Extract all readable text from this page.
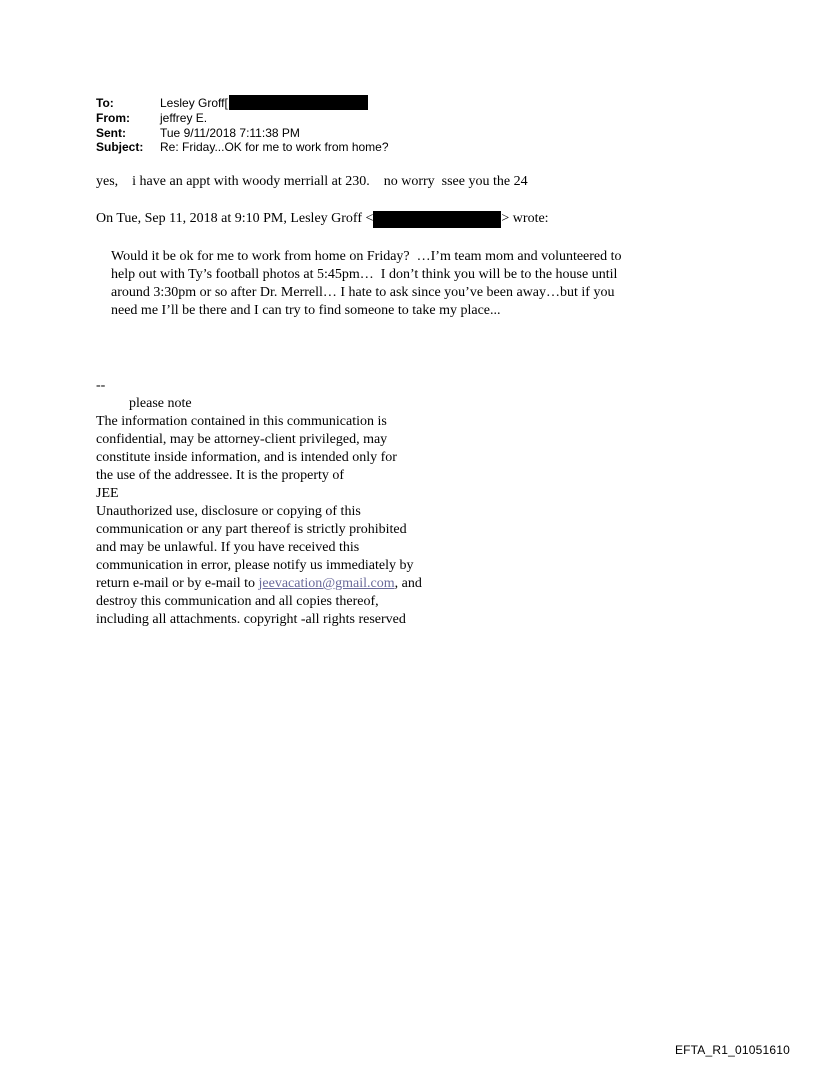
To:	Lesley Groff[
From:	jeffrey E.
Sent:	Tue 9/11/2018 7:11:38 PM
Subject:	Re: Friday...OK for me to work from home?
yes,    i have an appt with woody merriall at 230.    no worry  ssee you the 24
On Tue, Sep 11, 2018 at 9:10 PM, Lesley Groff <	> wrote:

Would it be ok for me to work from home on Friday?  …I’m team mom and volunteered to

help out with Ty’s football photos at 5:45pm…  I don’t think you will be to the house until

around 3:30pm or so after Dr. Merrell… I hate to ask since you’ve been away…but if you

need me I’ll be there and I can try to find someone to take my place...

--

please note

The information contained in this communication is

confidential, may be attorney-client privileged, may

constitute inside information, and is intended only for

the use of the addressee. It is the property of

JEE

Unauthorized use, disclosure or copying of this

communication or any part thereof is strictly prohibited

and may be unlawful. If you have received this

communication in error, please notify us immediately by

return e-mail or by e-mail to jeevacation@gmail.com, and

destroy this communication and all copies thereof,

including all attachments. copyright -all rights reserved

EFTA_R1_01051610
